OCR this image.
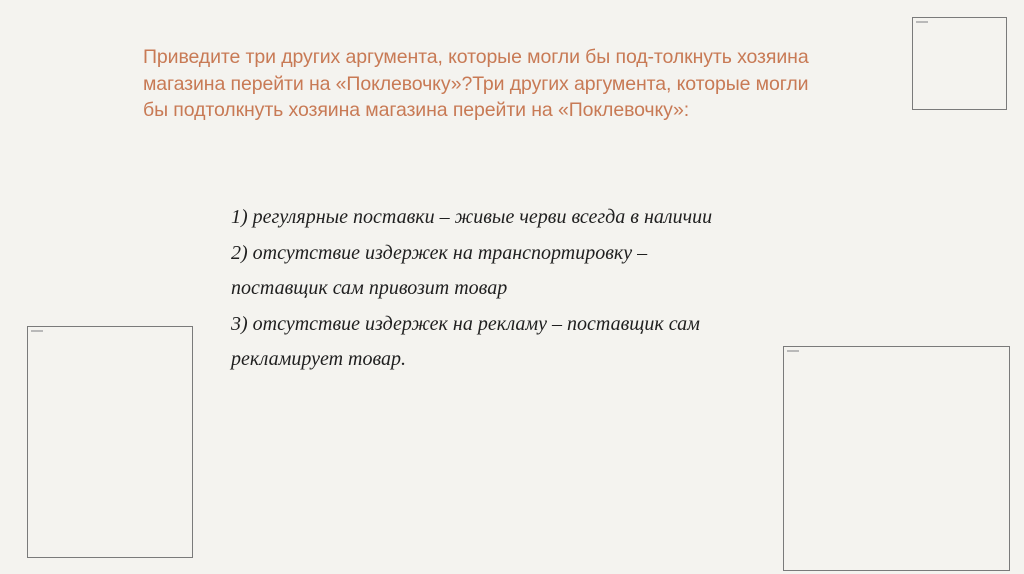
Приведите три других аргумента, которые могли бы под-толкнуть хозяина
магазина перейти на «Поклевочку»?Три других аргумента, которые могли
бы подтолкнуть хозяина магазина перейти на «Поклевочку»:
1) регулярные поставки – живые черви всегда в наличии
2) отсутствие издержек на транспортировку –
поставщик сам привозит товар
3) отсутствие издержек на рекламу – поставщик сам
рекламирует товар.
